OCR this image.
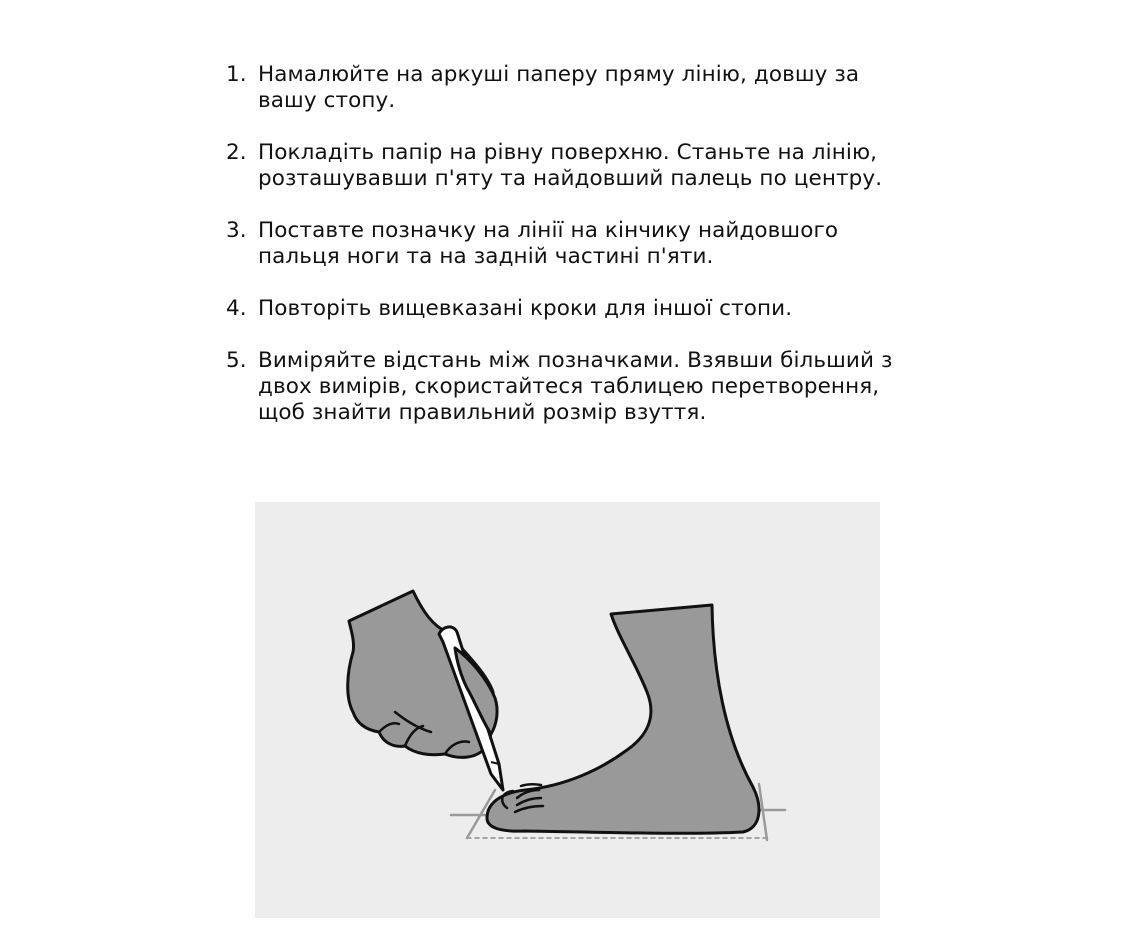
1. Намалюйте на аркуші паперу пряму лінію, довшу за вашу стопу.
2. Покладіть папір на рівну поверхню. Станьте на лінію, розташувавши п'яту та найдовший палець по центру.
3. Поставте позначку на лінії на кінчику найдовшого пальця ноги та на задній частині п'яти.
4. Повторіть вищевказані кроки для іншої стопи.
5. Виміряйте відстань між позначками. Взявши більший з двох вимірів, скористайтеся таблицею перетворення, щоб знайти правильний розмір взуття.
